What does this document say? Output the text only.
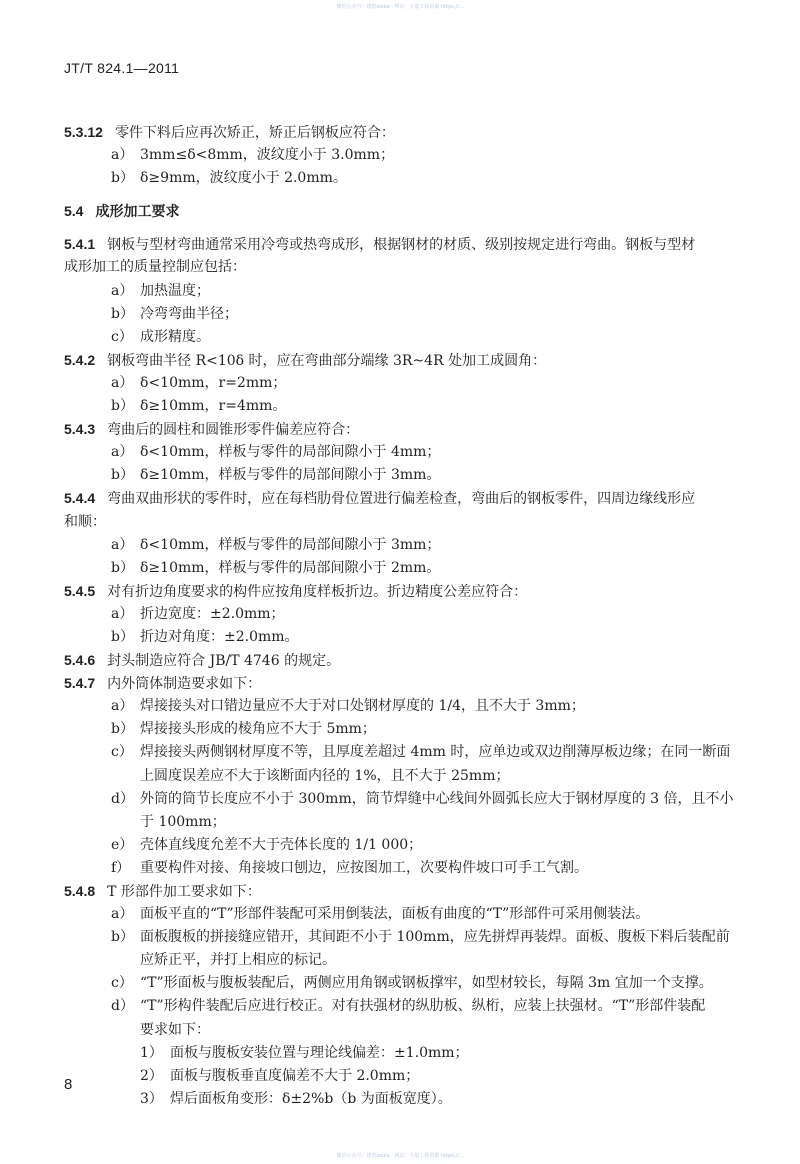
微信公众号：建筑soula · 网站：大量工程资源 https://...
JT/T 824.1—2011
5.3.12 零件下料后应再次矫正，矫正后钢板应符合：
a） 3mm≤δ<8mm，波纹度小于 3.0mm；
b） δ≥9mm，波纹度小于 2.0mm。
5.4 成形加工要求
5.4.1 钢板与型材弯曲通常采用冷弯或热弯成形，根据钢材的材质、级别按规定进行弯曲。钢板与型材
成形加工的质量控制应包括：
a） 加热温度；
b） 冷弯弯曲半径；
c） 成形精度。
5.4.2 钢板弯曲半径 R<10δ 时，应在弯曲部分端缘 3R~4R 处加工成圆角：
a） δ<10mm，r=2mm；
b） δ≥10mm，r=4mm。
5.4.3 弯曲后的圆柱和圆锥形零件偏差应符合：
a） δ<10mm，样板与零件的局部间隙小于 4mm；
b） δ≥10mm，样板与零件的局部间隙小于 3mm。
5.4.4 弯曲双曲形状的零件时，应在每档肋骨位置进行偏差检查，弯曲后的钢板零件，四周边缘线形应
和顺：
a） δ<10mm，样板与零件的局部间隙小于 3mm；
b） δ≥10mm，样板与零件的局部间隙小于 2mm。
5.4.5 对有折边角度要求的构件应按角度样板折边。折边精度公差应符合：
a） 折边宽度：±2.0mm；
b） 折边对角度：±2.0mm。
5.4.6 封头制造应符合 JB/T 4746 的规定。
5.4.7 内外筒体制造要求如下：
a） 焊接接头对口错边量应不大于对口处钢材厚度的 1/4，且不大于 3mm；
b） 焊接接头形成的棱角应不大于 5mm；
c） 焊接接头两侧钢材厚度不等，且厚度差超过 4mm 时，应单边或双边削薄厚板边缘；在同一断面
上圆度误差应不大于该断面内径的 1%，且不大于 25mm；
d） 外筒的筒节长度应不小于 300mm，筒节焊缝中心线间外圆弧长应大于钢材厚度的 3 倍，且不小
于 100mm；
e） 壳体直线度允差不大于壳体长度的 1/1 000；
f） 重要构件对接、角接坡口刨边，应按图加工，次要构件坡口可手工气割。
5.4.8 T 形部件加工要求如下：
a） 面板平直的“T”形部件装配可采用倒装法，面板有曲度的“T”形部件可采用侧装法。
b） 面板腹板的拼接缝应错开，其间距不小于 100mm，应先拼焊再装焊。面板、腹板下料后装配前
应矫正平，并打上相应的标记。
c） “T”形面板与腹板装配后，两侧应用角钢或钢板撑牢，如型材较长，每隔 3m 宜加一个支撑。
d） “T”形构件装配后应进行校正。对有扶强材的纵肋板、纵桁，应装上扶强材。“T”形部件装配
要求如下：
1） 面板与腹板安装位置与理论线偏差：±1.0mm；
2） 面板与腹板垂直度偏差不大于 2.0mm；
3） 焊后面板角变形：δ±2%b（b 为面板宽度）。
8
微信公众号：建筑soula · 网站：大量工程资源 https://...
